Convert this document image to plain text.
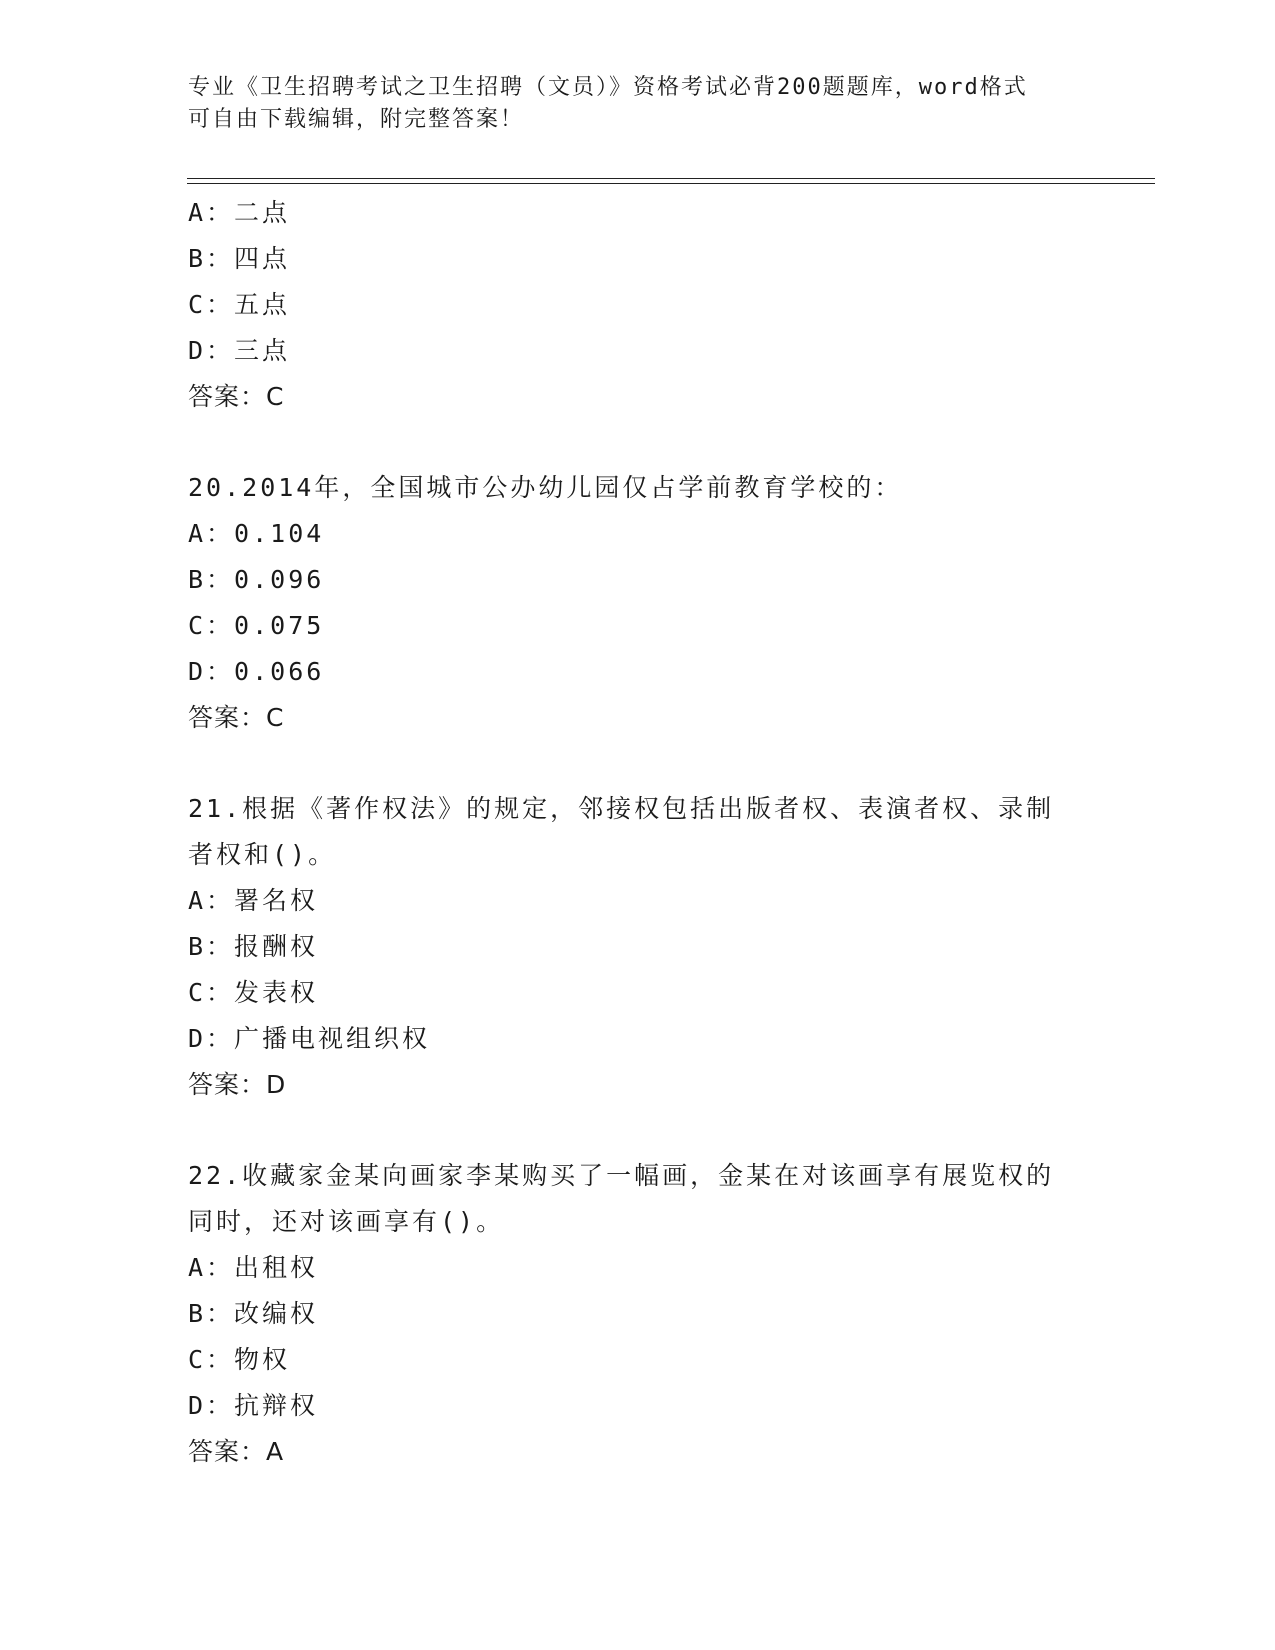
专业《卫生招聘考试之卫生招聘（文员）》资格考试必背200题题库，word格式
可自由下载编辑，附完整答案！
A：二点
B：四点
C：五点
D：三点
答案：C
20.2014年，全国城市公办幼儿园仅占学前教育学校的：
A：0.104
B：0.096
C：0.075
D：0.066
答案：C
21.根据《著作权法》的规定，邻接权包括出版者权、表演者权、录制
者权和()。
A：署名权
B：报酬权
C：发表权
D：广播电视组织权
答案：D
22.收藏家金某向画家李某购买了一幅画，金某在对该画享有展览权的
同时，还对该画享有()。
A：出租权
B：改编权
C：物权
D：抗辩权
答案：A
